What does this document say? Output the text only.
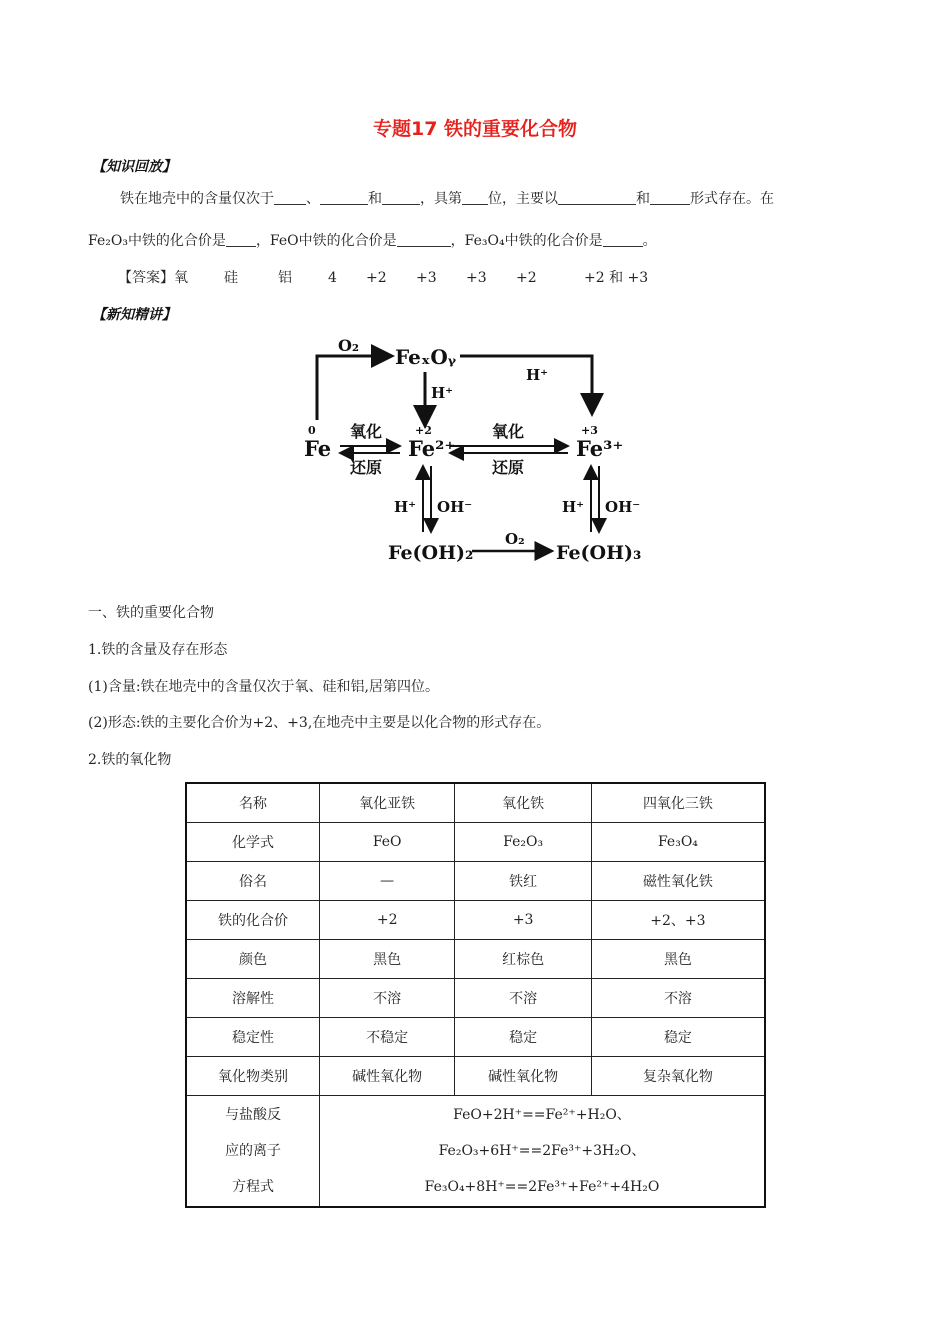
专题17 铁的重要化合物
【知识回放】
铁在地壳中的含量仅次于 、	和	，具第 位，主要以	和	形式存在。在
Fe₂O₃中铁的化合价是 ，FeO中铁的化合价是	，Fe₃O₄中铁的化合价是	。
【答案】氧	硅	铝	4 +2 +3 +3 +2	+2 和 +3
【新知精讲】
O₂ FeₓOᵧ
H⁺
H⁺
0
Fe
氧化
还原
+2
Fe²⁺
氧化
还原
+3
Fe³⁺
H⁺ OH⁻	H⁺ OH⁻
Fe(OH)₂
O₂
Fe(OH)₃
一、铁的重要化合物
1.铁的含量及存在形态
(1)含量:铁在地壳中的含量仅次于氧、硅和铝,居第四位。
(2)形态:铁的主要化合价为+2、+3,在地壳中主要是以化合物的形式存在。
2.铁的氧化物
名称	氧化亚铁	氧化铁	四氧化三铁
化学式	FeO	Fe₂O₃	Fe₃O₄
俗名	—	铁红	磁性氧化铁
铁的化合价	+2	+3	+2、+3
颜色	黑色	红棕色	黑色
溶解性	不溶	不溶	不溶
稳定性	不稳定	稳定	稳定
氧化物类别	碱性氧化物	碱性氧化物	复杂氧化物

与盐酸反
应的离子
方程式	FeO+2H⁺==Fe²⁺+H₂O、
Fe₂O₃+6H⁺==2Fe³⁺+3H₂O、
Fe₃O₄+8H⁺==2Fe³⁺+Fe²⁺+4H₂O		
